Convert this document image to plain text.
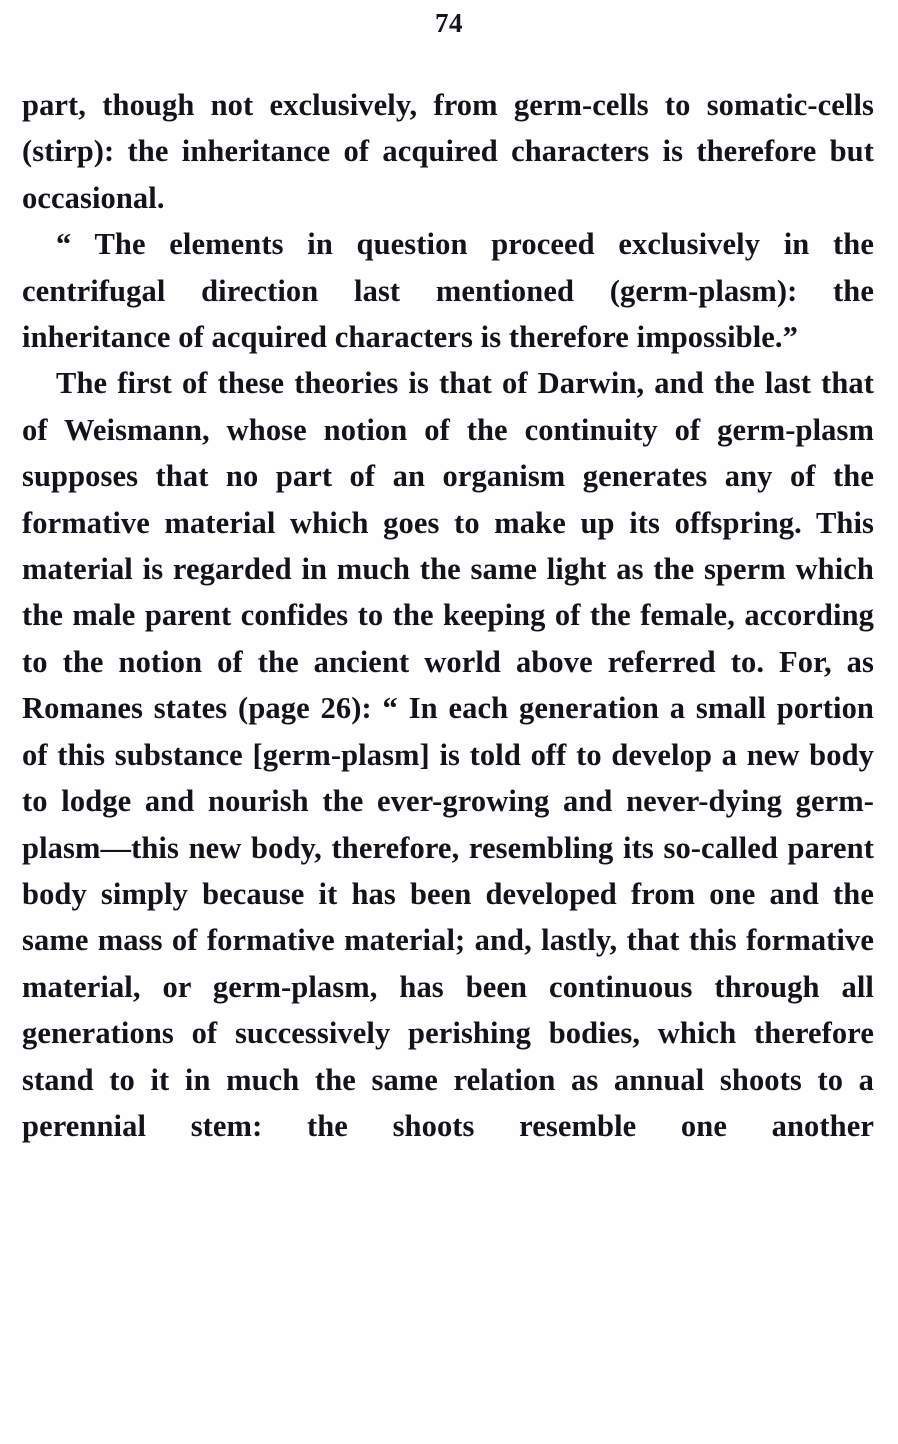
74

part, though not exclusively, from germ-cells to somatic-cells (stirp): the inheritance of acquired characters is therefore but occasional.

“ The elements in question proceed exclusively in the centrifugal direction last mentioned (germ-plasm): the inheritance of acquired characters is therefore impossible.”

The first of these theories is that of Darwin, and the last that of Weismann, whose notion of the continuity of germ-plasm supposes that no part of an organism generates any of the formative material which goes to make up its offspring. This material is regarded in much the same light as the sperm which the male parent confides to the keeping of the female, according to the notion of the ancient world above referred to. For, as Romanes states (page 26): “ In each generation a small portion of this substance [germ-plasm] is told off to develop a new body to lodge and nourish the ever-growing and never-dying germ-plasm—this new body, therefore, resembling its so-called parent body simply because it has been developed from one and the same mass of formative material; and, lastly, that this formative material, or germ-plasm, has been continuous through all generations of successively perishing bodies, which therefore stand to it in much the same relation as annual shoots to a perennial stem: the shoots resemble one another
